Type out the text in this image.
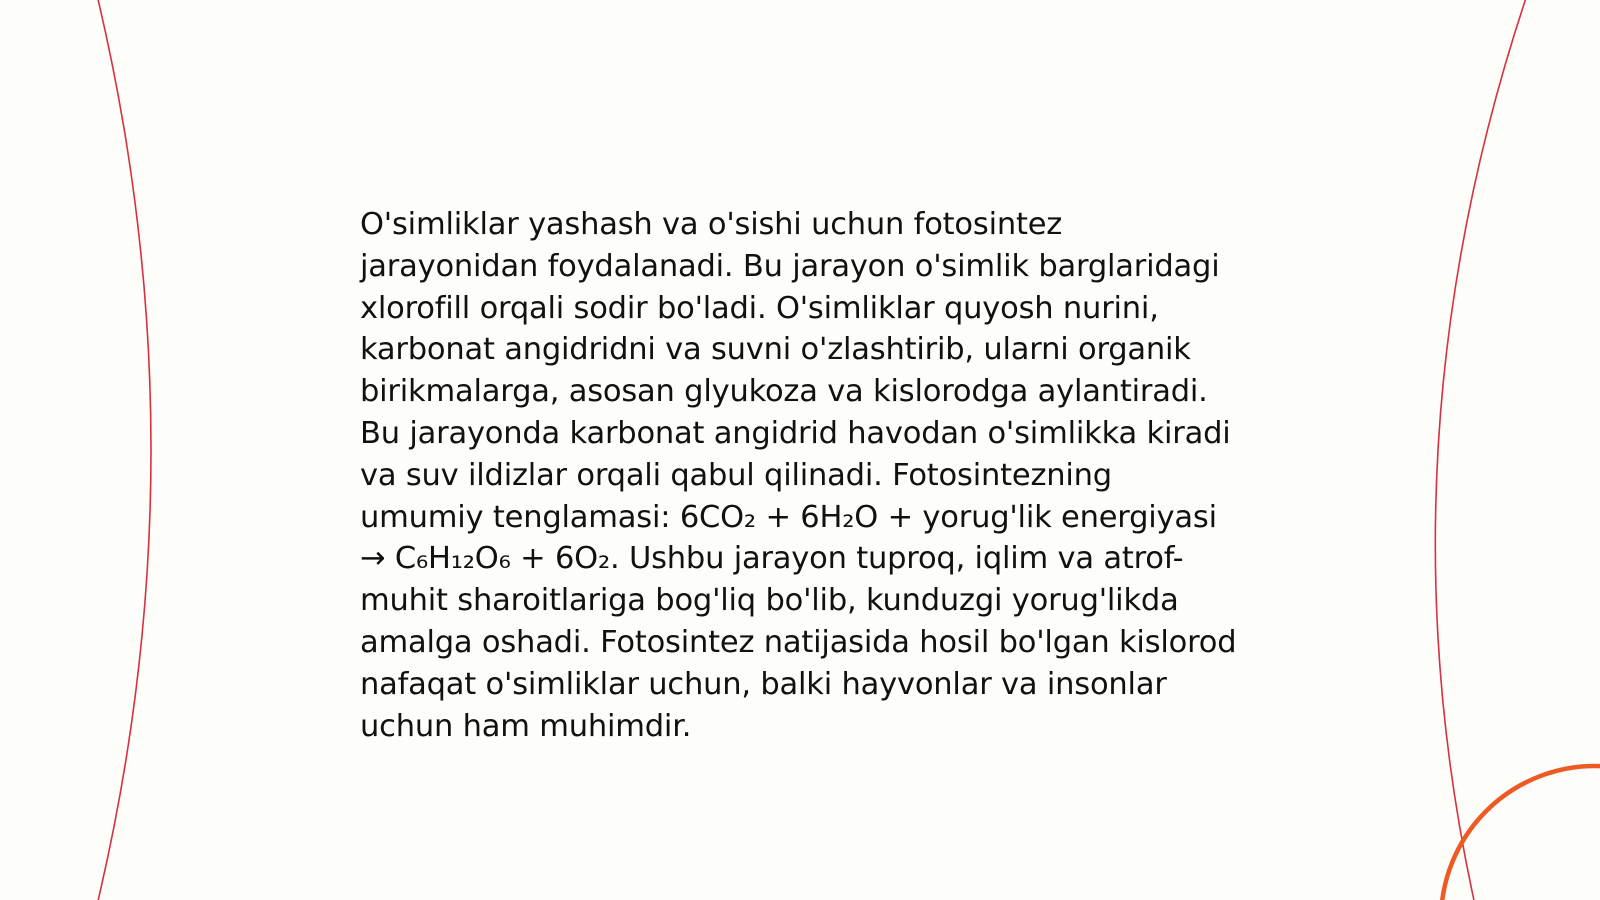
O'simliklar yashash va o'sishi uchun fotosintez jarayonidan foydalanadi. Bu jarayon o'simlik barglaridagi xlorofill orqali sodir bo'ladi. O'simliklar quyosh nurini, karbonat angidridni va suvni o'zlashtirib, ularni organik birikmalarga, asosan glyukoza va kislorodga aylantiradi. Bu jarayonda karbonat angidrid havodan o'simlikka kiradi va suv ildizlar orqali qabul qilinadi. Fotosintezning umumiy tenglamasi: 6CO₂ + 6H₂O + yorug'lik energiyasi → C₆H₁₂O₆ + 6O₂. Ushbu jarayon tuproq, iqlim va atrof-muhit sharoitlariga bog'liq bo'lib, kunduzgi yorug'likda amalga oshadi. Fotosintez natijasida hosil bo'lgan kislorod nafaqat o'simliklar uchun, balki hayvonlar va insonlar uchun ham muhimdir.
